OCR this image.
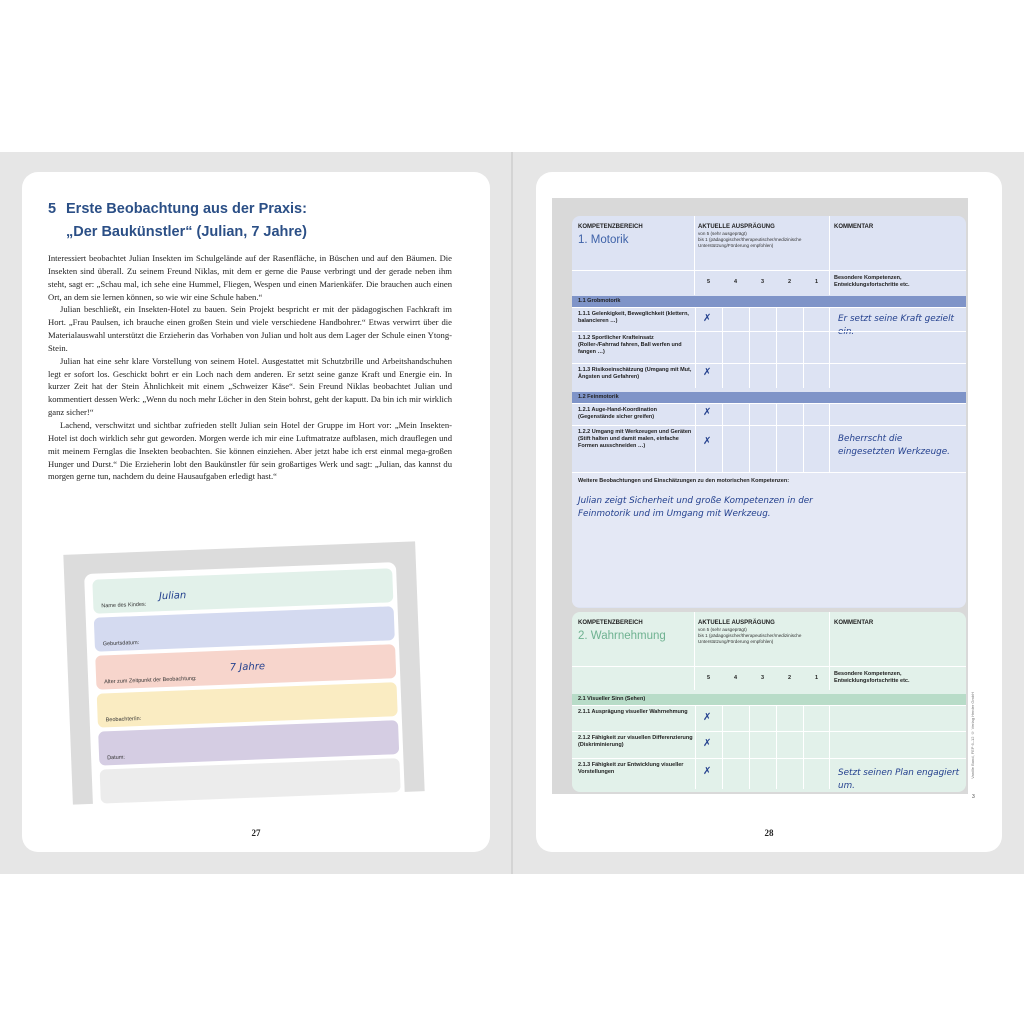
5 Erste Beobachtung aus der Praxis:
„Der Baukünstler“ (Julian, 7 Jahre)

Interessiert beobachtet Julian Insekten im Schulgelände auf der Rasenfläche, in Büschen und auf den Bäumen. Die Insekten sind überall. Zu seinem Freund Niklas, mit dem er gerne die Pause verbringt und der gerade neben ihm steht, sagt er: „Schau mal, ich sehe eine Hummel, Fliegen, Wespen und einen Marienkäfer. Die brauchen auch einen Ort, an dem sie lernen können, so wie wir eine Schule haben.“

Julian beschließt, ein Insekten-Hotel zu bauen. Sein Projekt bespricht er mit der pädagogischen Fachkraft im Hort. „Frau Paulsen, ich brauche einen großen Stein und viele verschiedene Handbohrer.“ Etwas verwirrt über die Materialauswahl unterstützt die Erzieherin das Vorhaben von Julian und holt aus dem Lager der Schule einen Ytong-Stein.

Julian hat eine sehr klare Vorstellung von seinem Hotel. Ausgestattet mit Schutzbrille und Arbeitshandschuhen legt er sofort los. Geschickt bohrt er ein Loch nach dem anderen. Er setzt seine ganze Kraft und Energie ein. In kurzer Zeit hat der Stein Ähnlichkeit mit einem „Schweizer Käse“. Sein Freund Niklas beobachtet Julian und kommentiert dessen Werk: „Wenn du noch mehr Löcher in den Stein bohrst, geht der kaputt. Da bin ich mir wirklich ganz sicher!“

Lachend, verschwitzt und sichtbar zufrieden stellt Julian sein Hotel der Gruppe im Hort vor: „Mein Insekten-Hotel ist doch wirklich sehr gut geworden. Morgen werde ich mir eine Luftmatratze aufblasen, mich drauflegen und mit meinem Fernglas die Insekten beobachten. Sie können einziehen. Aber jetzt habe ich erst einmal mega-großen Hunger und Durst.“ Die Erzieherin lobt den Baukünstler für sein großartiges Werk und sagt: „Julian, das kannst du morgen gerne tun, nachdem du deine Hausaufgaben erledigt hast.“

Name des Kindes:
Julian
Geburtsdatum:
Alter zum Zeitpunkt der Beobachtung:
7 Jahre
Beobachter/in:
Datum:
27
KOMPETENZBEREICH
1. Motorik
AKTUELLE AUSPRÄGUNG
von 5 (sehr ausgeprägt)
bis 1 (pädagogischer/therapeutischer/medizinische Unterstützung/Förderung empfohlen)
KOMMENTAR
5	4	3	2	1
Besondere Kompetenzen, Entwicklungsfortschritte etc.
1.1 Grobmotorik
1.1.1 Gelenkigkeit, Beweglichkeit (klettern, balancieren …)	✗	Er setzt seine Kraft gezielt ein.
1.1.2 Sportlicher Krafteinsatz (Roller-/Fahrrad fahren, Ball werfen und fangen …)
1.1.3 Risikoeinschätzung (Umgang mit Mut, Ängsten und Gefahren)	✗
1.2 Feinmotorik
1.2.1 Auge-Hand-Koordination (Gegenstände sicher greifen)	✗
1.2.2 Umgang mit Werkzeugen und Geräten (Stift halten und damit malen, einfache Formen ausschneiden …)	✗	Beherrscht die eingesetzten Werkzeuge.
Weitere Beobachtungen und Einschätzungen zu den motorischen Kompetenzen:
Julian zeigt Sicherheit und große Kompetenzen in der
Feinmotorik und im Umgang mit Werkzeug.
KOMPETENZBEREICH
2. Wahrnehmung
AKTUELLE AUSPRÄGUNG
von 5 (sehr ausgeprägt)
bis 1 (pädagogischer/therapeutischer/medizinische Unterstützung/Förderung empfohlen)
KOMMENTAR
5	4	3	2	1
Besondere Kompetenzen, Entwicklungsfortschritte etc.
2.1 Visueller Sinn (Sehen)
2.1.1 Ausprägung visueller Wahrnehmung	✗
2.1.2 Fähigkeit zur visuellen Differenzierung (Diskriminierung)	✗
2.1.3 Fähigkeit zur Entwicklung visueller Vorstellungen	✗	Setzt seinen Plan engagiert um.
Vanille Band, FEP 6–12 © Verlag Herder GmbH
3
28
